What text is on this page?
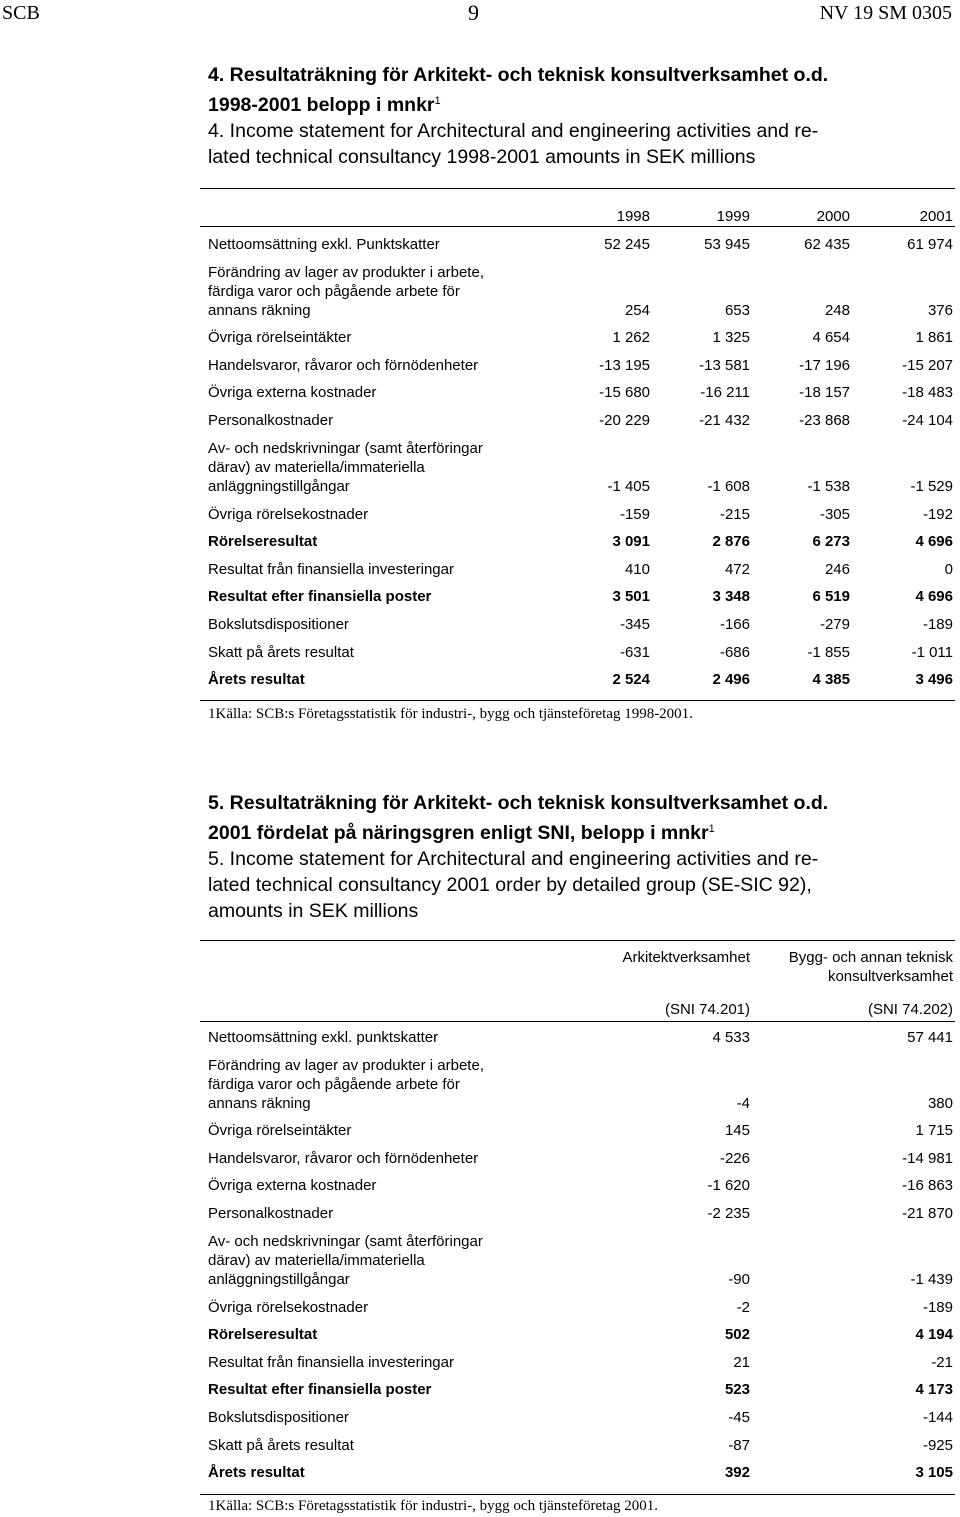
SCB	9	NV 19 SM 0305
4. Resultaträkning för Arkitekt- och teknisk konsultverksamhet o.d.
1998-2001 belopp i mnkr$^1$
4. Income statement for Architectural and engineering activities and re-
lated technical consultancy 1998-2001 amounts in SEK millions
	1998	1999	2000	2001

Nettoomsättning exkl. Punktskatter	52 245	53 945	62 435	61 974

Förändring av lager av produkter i arbete,
färdiga varor och pågående arbete för
annans räkning	254	653	248	376

Övriga rörelseintäkter	1 262	1 325	4 654	1 861

Handelsvaror, råvaror och förnödenheter	-13 195	-13 581	-17 196	-15 207

Övriga externa kostnader	-15 680	-16 211	-18 157	-18 483

Personalkostnader	-20 229	-21 432	-23 868	-24 104

Av- och nedskrivningar (samt återföringar
därav) av materiella/immateriella
anläggningstillgångar	-1 405	-1 608	-1 538	-1 529

Övriga rörelsekostnader	-159	-215	-305	-192

Rörelseresultat	3 091	2 876	6 273	4 696

Resultat från finansiella investeringar	410	472	246	0

Resultat efter finansiella poster	3 501	3 348	6 519	4 696

Bokslutsdispositioner	-345	-166	-279	-189

Skatt på årets resultat	-631	-686	-1 855	-1 011

Årets resultat	2 524	2 496	4 385	3 496
1Källa: SCB:s Företagsstatistik för industri-, bygg och tjänsteföretag 1998-2001.
5. Resultaträkning för Arkitekt- och teknisk konsultverksamhet o.d.
2001 fördelat på näringsgren enligt SNI, belopp i mnkr$^1$
5. Income statement for Architectural and engineering activities and re-
lated technical consultancy 2001 order by detailed group (SE-SIC 92),
amounts in SEK millions
	Arkitektverksamhet	Bygg- och annan teknisk
konsultverksamhet

	(SNI 74.201)	(SNI 74.202)

Nettoomsättning exkl. punktskatter	4 533	57 441

Förändring av lager av produkter i arbete,
färdiga varor och pågående arbete för
annans räkning	-4	380

Övriga rörelseintäkter	145	1 715

Handelsvaror, råvaror och förnödenheter	-226	-14 981

Övriga externa kostnader	-1 620	-16 863

Personalkostnader	-2 235	-21 870

Av- och nedskrivningar (samt återföringar
därav) av materiella/immateriella
anläggningstillgångar	-90	-1 439

Övriga rörelsekostnader	-2	-189

Rörelseresultat	502	4 194

Resultat från finansiella investeringar	21	-21

Resultat efter finansiella poster	523	4 173

Bokslutsdispositioner	-45	-144

Skatt på årets resultat	-87	-925

Årets resultat	392	3 105
1Källa: SCB:s Företagsstatistik för industri-, bygg och tjänsteföretag 2001.
